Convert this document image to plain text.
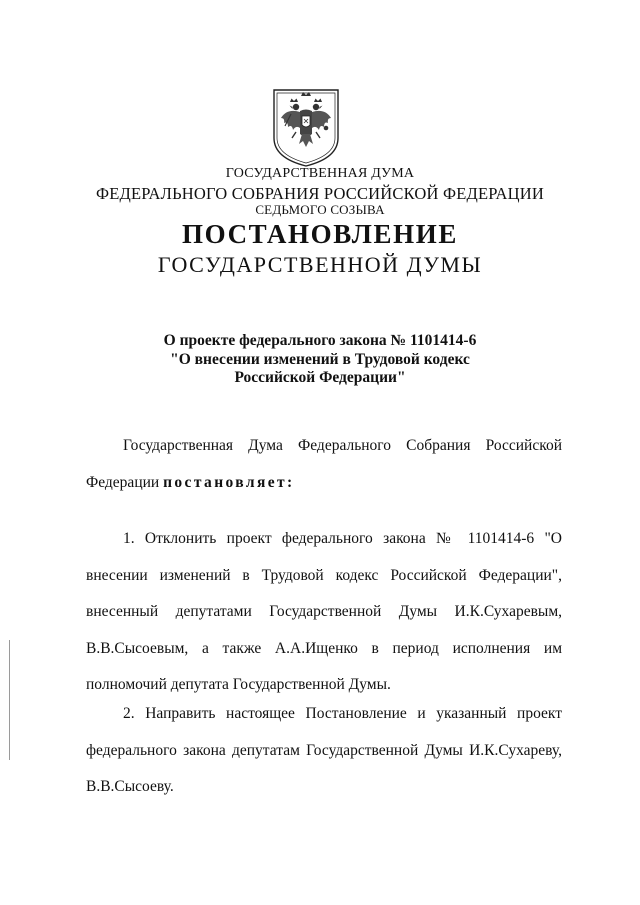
ГОСУДАРСТВЕННАЯ ДУМА
ФЕДЕРАЛЬНОГО СОБРАНИЯ РОССИЙСКОЙ ФЕДЕРАЦИИ
СЕДЬМОГО СОЗЫВА
ПОСТАНОВЛЕНИЕ
ГОСУДАРСТВЕННОЙ ДУМЫ
О проекте федерального закона № 1101414-6
"О внесении изменений в Трудовой кодекс
Российской Федерации"

Государственная Дума Федерального Собрания Российской Федерации постановляет:

1. Отклонить проект федерального закона № 1101414-6 "О внесении изменений в Трудовой кодекс Российской Федерации", внесенный депутатами Государственной Думы И.К.Сухаревым, В.В.Сысоевым, а также А.А.Ищенко в период исполнения им полномочий депутата Государственной Думы.

2. Направить настоящее Постановление и указанный проект федерального закона депутатам Государственной Думы И.К.Сухареву, В.В.Сысоеву.
